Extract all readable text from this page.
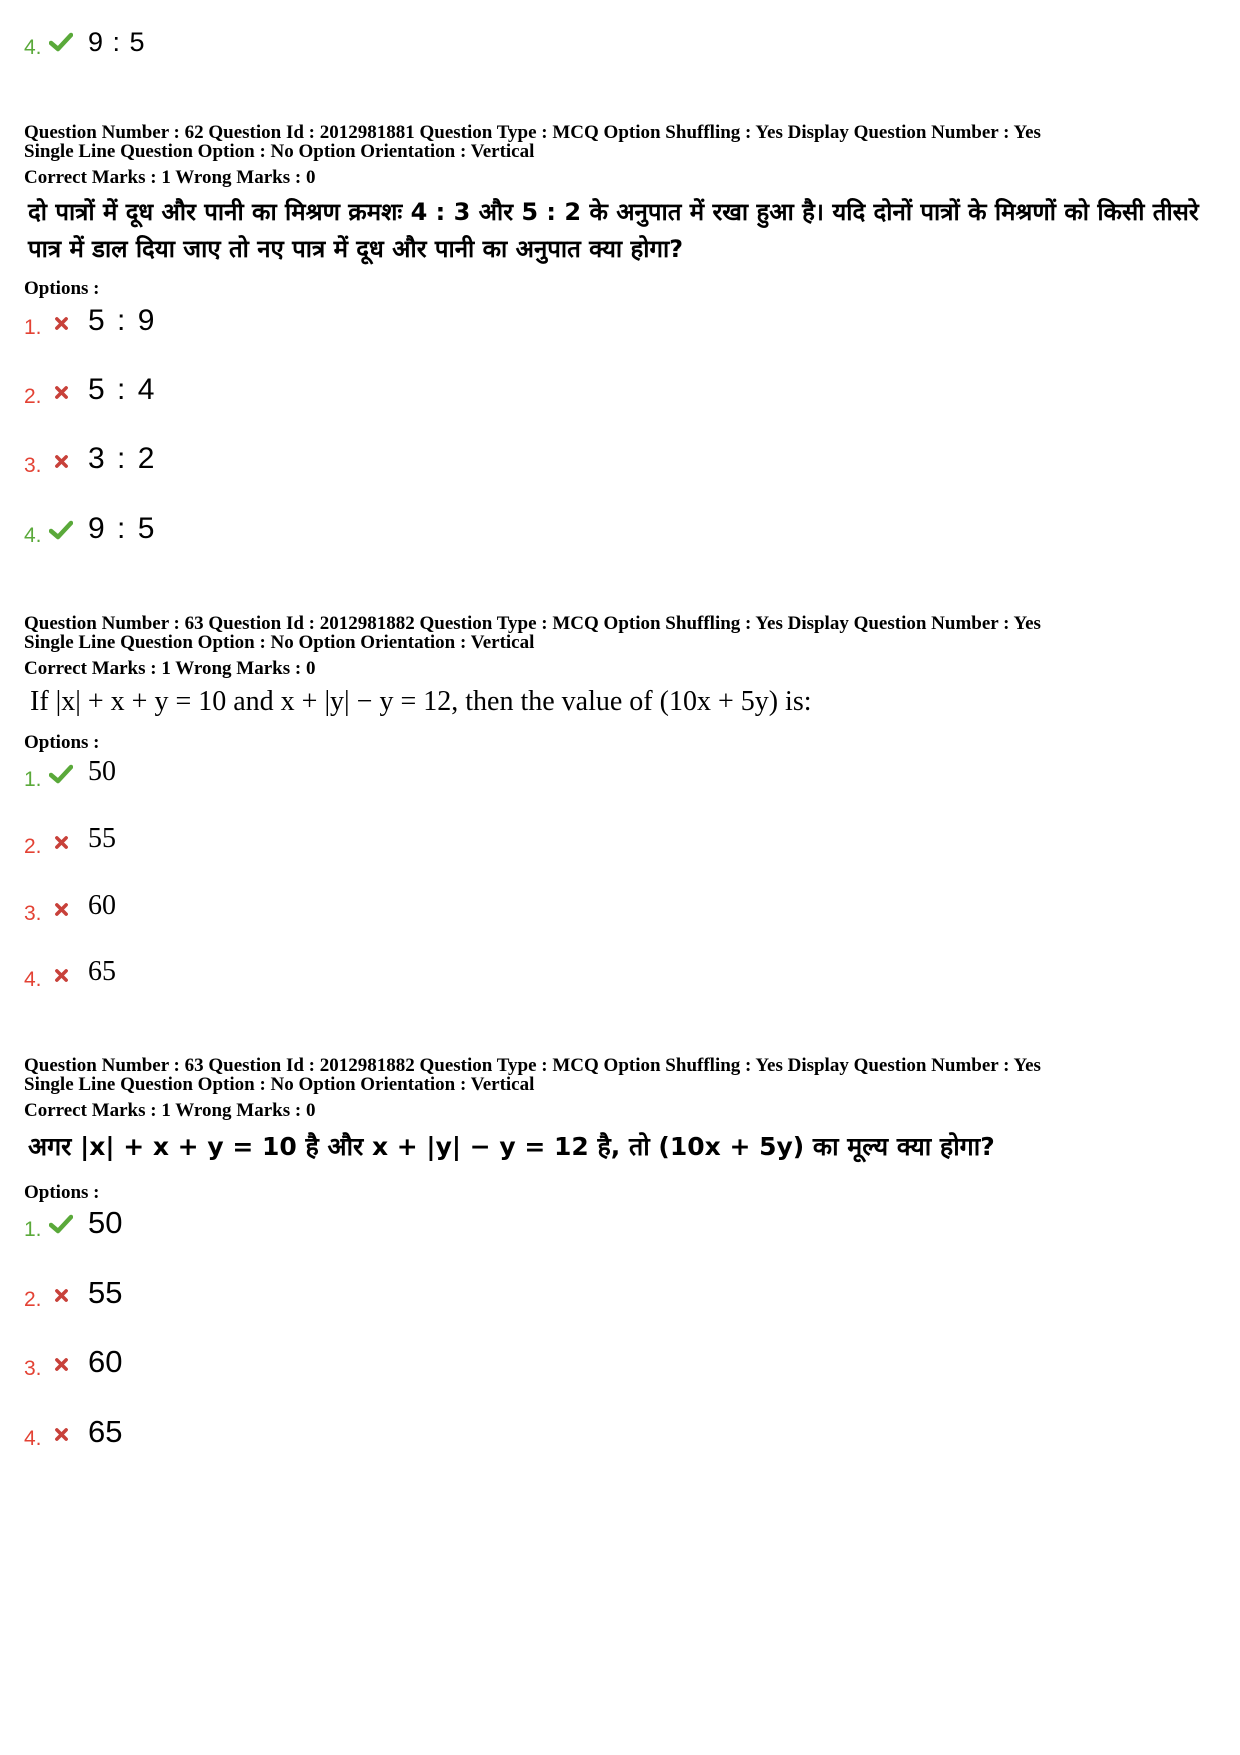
4. 9 : 5
Question Number : 62 Question Id : 2012981881 Question Type : MCQ Option Shuffling : Yes Display Question Number : Yes
Single Line Question Option : No Option Orientation : Vertical
Correct Marks : 1 Wrong Marks : 0
दो पात्रों में दूध और पानी का मिश्रण क्रमशः 4 : 3 और 5 : 2 के अनुपात में रखा हुआ है। यदि दोनों पात्रों के मिश्रणों को किसी तीसरे पात्र में डाल दिया जाए तो नए पात्र में दूध और पानी का अनुपात क्या होगा?
Options :
1. 5 : 9
2. 5 : 4
3. 3 : 2
4. 9 : 5
Question Number : 63 Question Id : 2012981882 Question Type : MCQ Option Shuffling : Yes Display Question Number : Yes
Single Line Question Option : No Option Orientation : Vertical
Correct Marks : 1 Wrong Marks : 0
If |x| + x + y = 10 and x + |y| − y = 12, then the value of (10x + 5y) is:
Options :
1. 50
2. 55
3. 60
4. 65
Question Number : 63 Question Id : 2012981882 Question Type : MCQ Option Shuffling : Yes Display Question Number : Yes
Single Line Question Option : No Option Orientation : Vertical
Correct Marks : 1 Wrong Marks : 0
अगर |x| + x + y = 10 है और x + |y| − y = 12 है, तो (10x + 5y) का मूल्य क्या होगा?
Options :
1. 50
2. 55
3. 60
4. 65
